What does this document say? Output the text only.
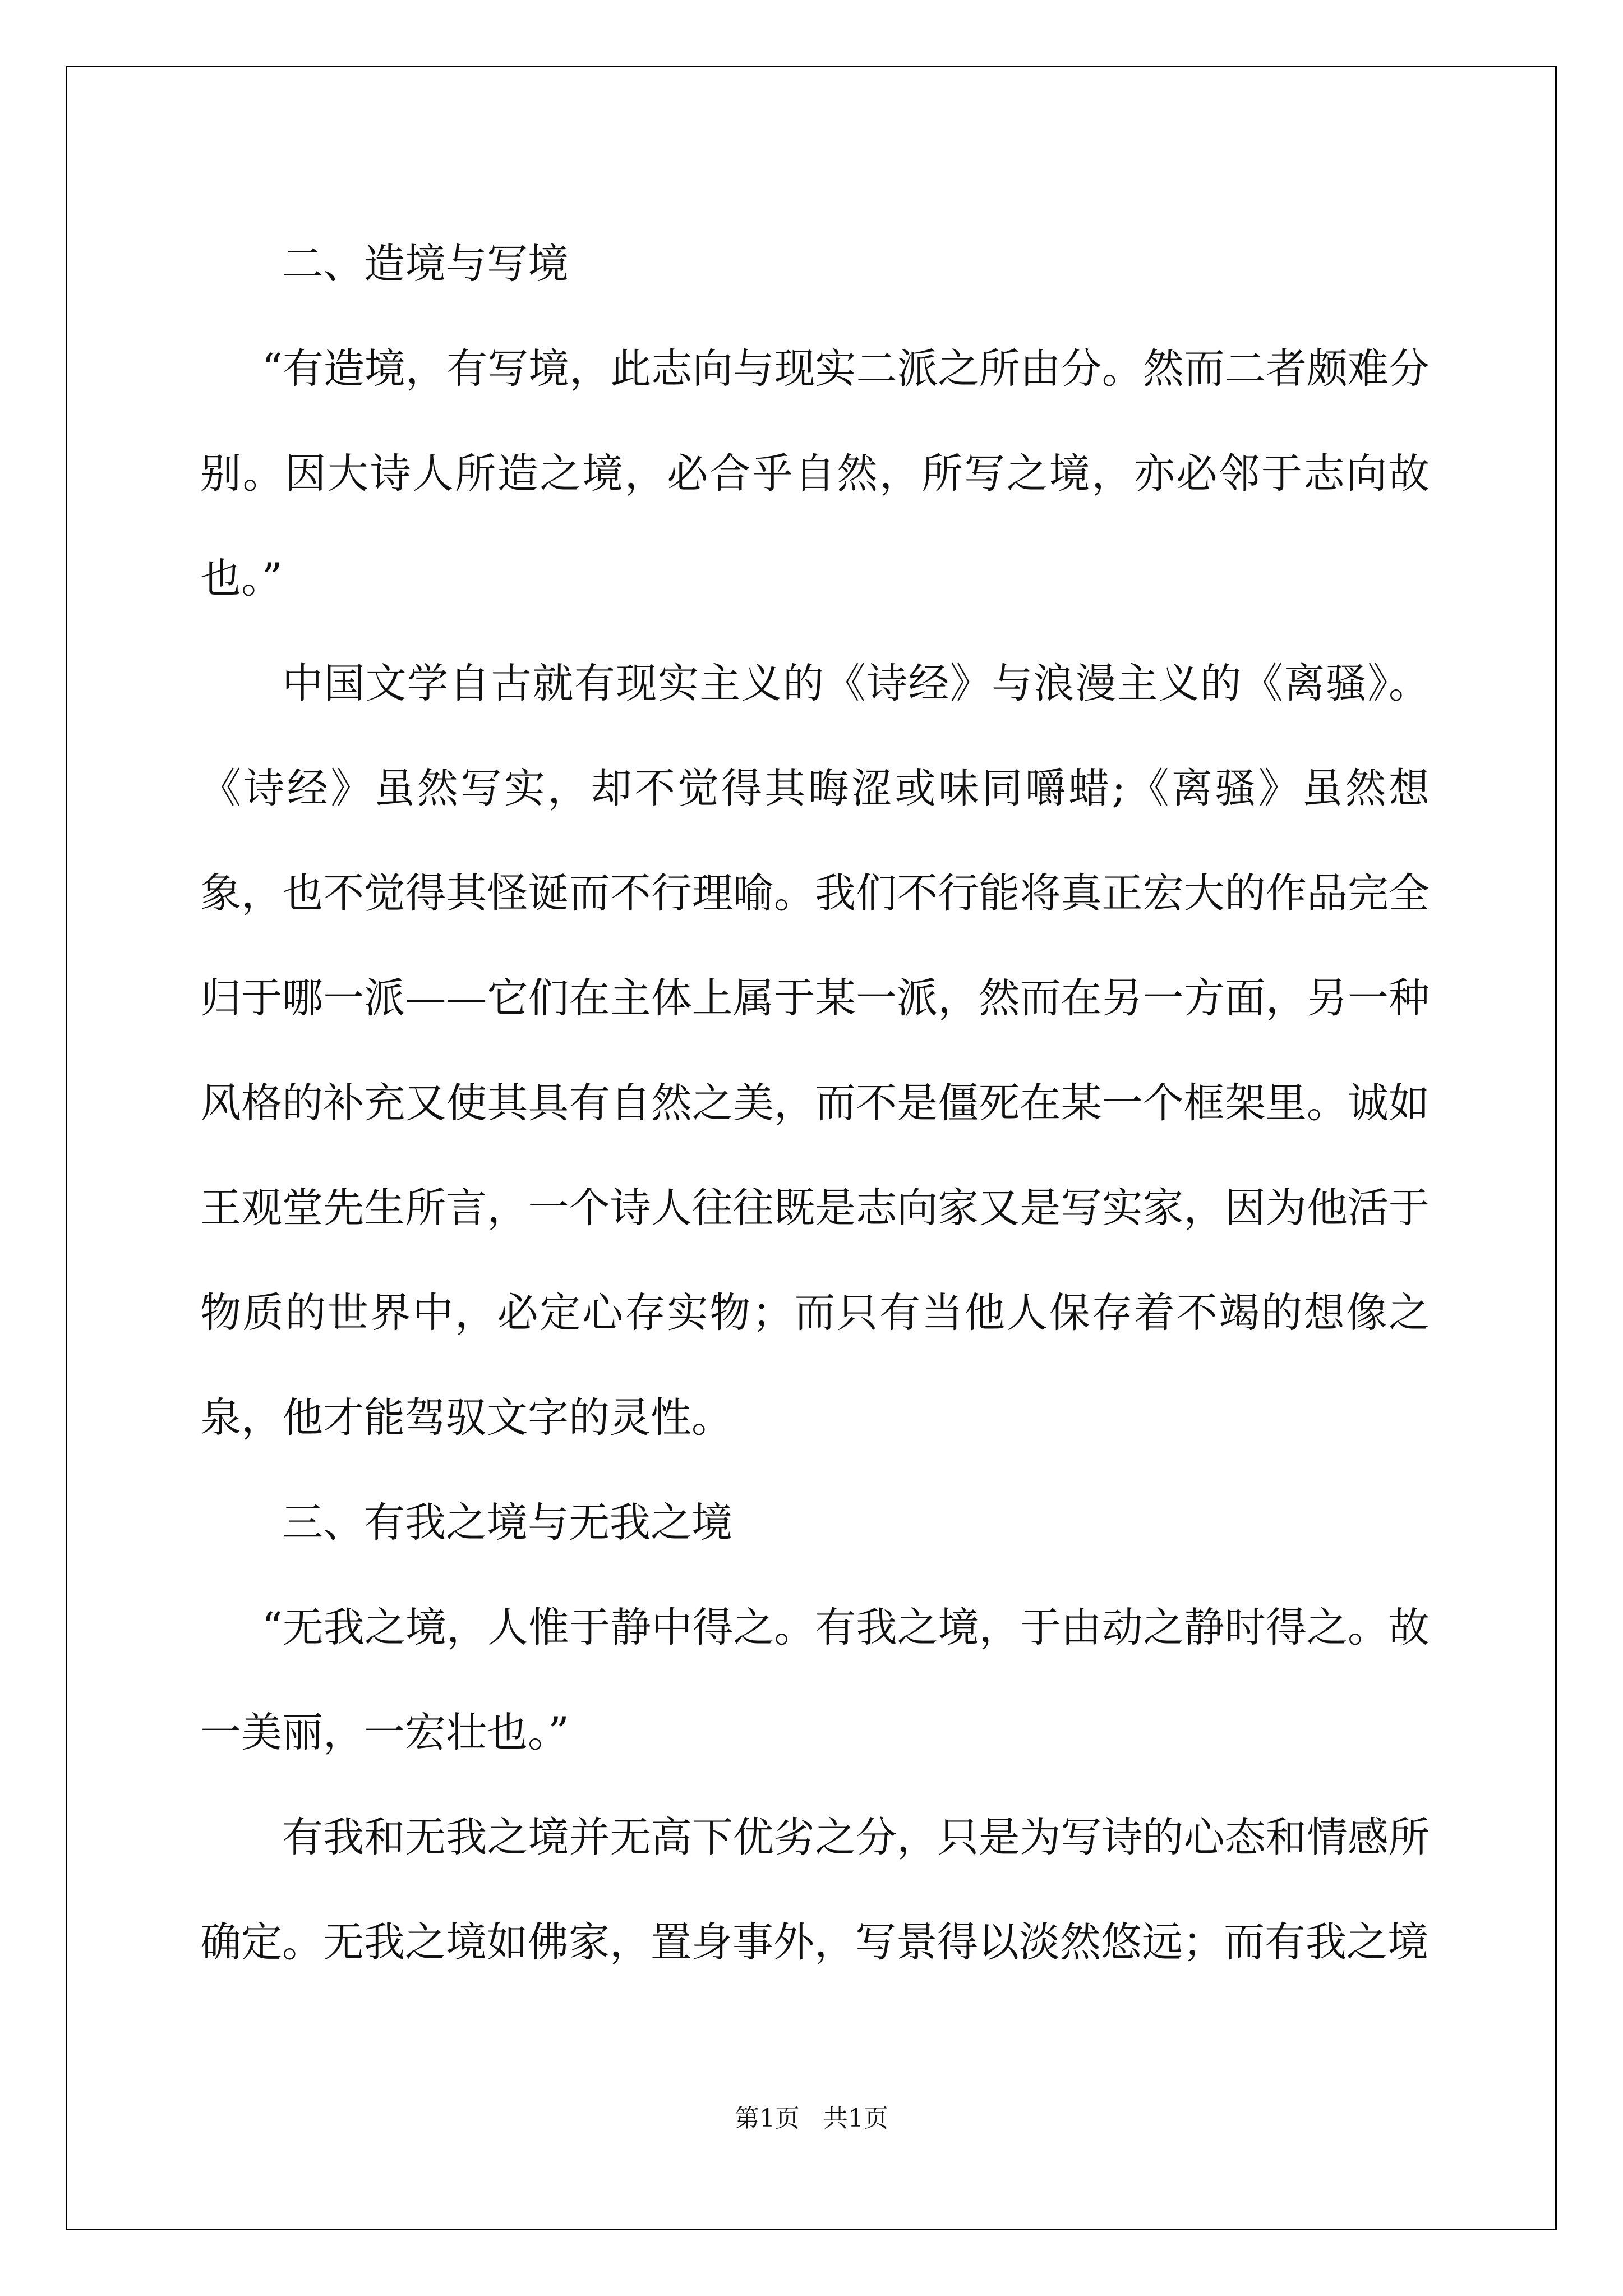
二、造境与写境

“有造境，有写境，此志向与现实二派之所由分。然而二者颇难分别。因大诗人所造之境，必合乎自然，所写之境，亦必邻于志向故也。”

中国文学自古就有现实主义的《诗经》与浪漫主义的《离骚》。《诗经》虽然写实，却不觉得其晦涩或味同嚼蜡;《离骚》虽然想象，也不觉得其怪诞而不行理喻。我们不行能将真正宏大的作品完全归于哪一派——它们在主体上属于某一派，然而在另一方面，另一种风格的补充又使其具有自然之美，而不是僵死在某一个框架里。诚如王观堂先生所言，一个诗人往往既是志向家又是写实家，因为他活于物质的世界中，必定心存实物；而只有当他人保存着不竭的想像之泉，他才能驾驭文字的灵性。

三、有我之境与无我之境

“无我之境，人惟于静中得之。有我之境，于由动之静时得之。故一美丽，一宏壮也。”

有我和无我之境并无高下优劣之分，只是为写诗的心态和情感所确定。无我之境如佛家，置身事外，写景得以淡然悠远；而有我之境

第1页   共1页
